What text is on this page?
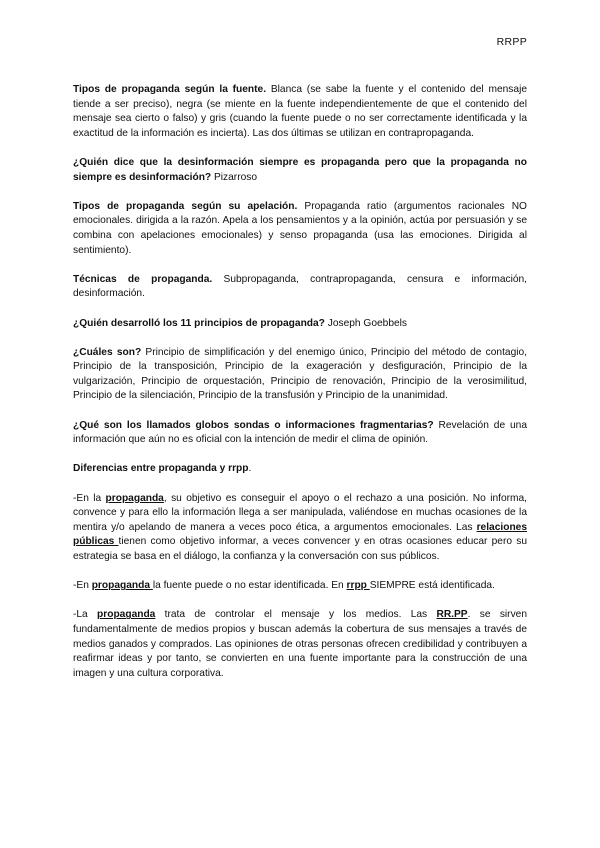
RRPP

Tipos de propaganda según la fuente. Blanca (se sabe la fuente y el contenido del mensaje tiende a ser preciso), negra (se miente en la fuente independientemente de que el contenido del mensaje sea cierto o falso) y gris (cuando la fuente puede o no ser correctamente identificada y la exactitud de la información es incierta). Las dos últimas se utilizan en contrapropaganda.

¿Quién dice que la desinformación siempre es propaganda pero que la propaganda no siempre es desinformación? Pizarroso

Tipos de propaganda según su apelación. Propaganda ratio (argumentos racionales NO emocionales. dirigida a la razón. Apela a los pensamientos y a la opinión, actúa por persuasión y se combina con apelaciones emocionales) y senso propaganda (usa las emociones. Dirigida al sentimiento).

Técnicas de propaganda. Subpropaganda, contrapropaganda, censura e información, desinformación.

¿Quién desarrolló los 11 principios de propaganda? Joseph Goebbels

¿Cuáles son? Principio de simplificación y del enemigo único, Principio del método de contagio, Principio de la transposición, Principio de la exageración y desfiguración, Principio de la vulgarización, Principio de orquestación, Principio de renovación, Principio de la verosimilitud, Principio de la silenciación, Principio de la transfusión y Principio de la unanimidad.

¿Qué son los llamados globos sondas o informaciones fragmentarias? Revelación de una información que aún no es oficial con la intención de medir el clima de opinión.

Diferencias entre propaganda y rrpp.

-En la propaganda, su objetivo es conseguir el apoyo o el rechazo a una posición. No informa, convence y para ello la información llega a ser manipulada, valiéndose en muchas ocasiones de la mentira y/o apelando de manera a veces poco ética, a argumentos emocionales. Las relaciones públicas tienen como objetivo informar, a veces convencer y en otras ocasiones educar pero su estrategia se basa en el diálogo, la confianza y la conversación con sus públicos.

-En propaganda la fuente puede o no estar identificada. En rrpp SIEMPRE está identificada.

-La propaganda trata de controlar el mensaje y los medios. Las RR.PP. se sirven fundamentalmente de medios propios y buscan además la cobertura de sus mensajes a través de medios ganados y comprados. Las opiniones de otras personas ofrecen credibilidad y contribuyen a reafirmar ideas y por tanto, se convierten en una fuente importante para la construcción de una imagen y una cultura corporativa.
